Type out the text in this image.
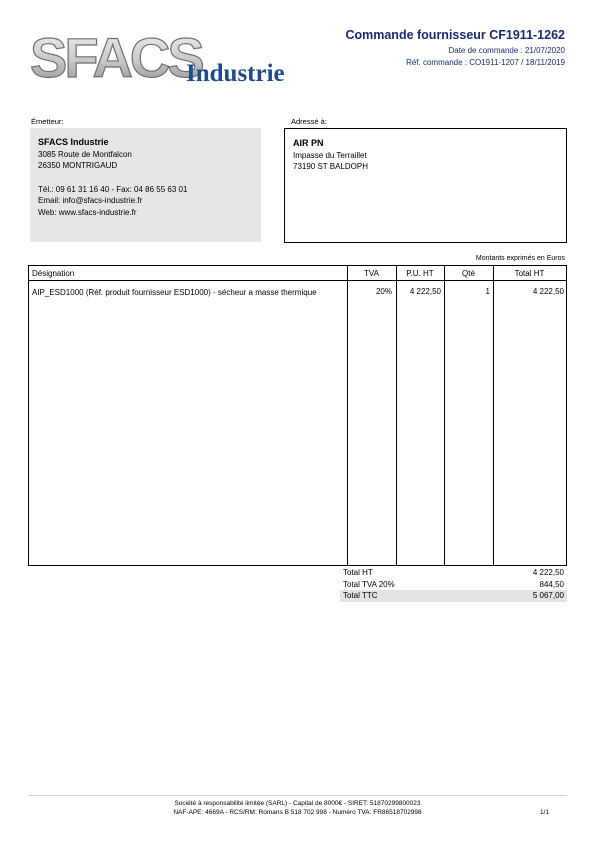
SFACS
Industrie
Commande fournisseur CF1911-1262
Date de commande : 21/07/2020
Réf. commande : CO1911-1207 / 18/11/2019
Émetteur:
SFACS Industrie
3085 Route de Montfalcon
26350 MONTRIGAUD
Tél.: 09 61 31 16 40 - Fax: 04 86 55 63 01
Email: info@sfacs-industrie.fr
Web: www.sfacs-industrie.fr
Adressé à:
AIR PN
Impasse du Terraillet
73190 ST BALDOPH
Montants exprimés en Euros
Désignation	TVA	P.U. HT	Qté	Total HT
AIP_ESD1000 (Réf. produit fournisseur ESD1000) - sécheur a masse thermique	20%	4 222,50	1	4 222,50
Total HT	4 222,50
Total TVA 20%	844,50
Total TTC	5 067,00
Société à responsabilité limitée (SARL) - Capital de 8000€ - SIRET: 51870299800023
NAF-APE: 4669A - RCS/RM: Romans B 518 702 998 - Numéro TVA: FR86518702998	1/1
